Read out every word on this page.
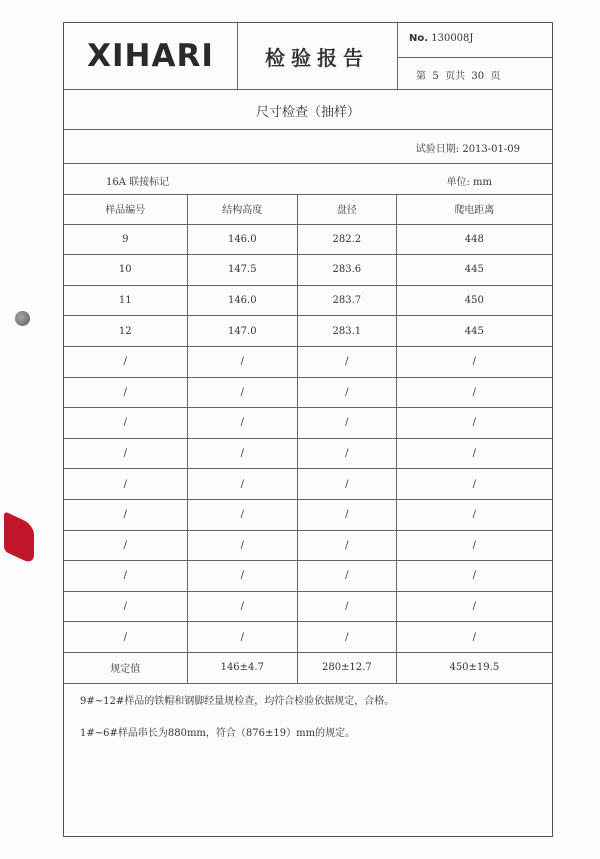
XIHARI	检验报告
No. 130008J
第  5  页共  30  页
尺寸检查（抽样）
试验日期: 2013-01-09
16A 联接标记	单位: mm
样品编号	结构高度	盘径	爬电距离
9	146.0	282.2	448
10	147.5	283.6	445
11	146.0	283.7	450
12	147.0	283.1	445
/	/	/	/
/	/	/	/
/	/	/	/
/	/	/	/
/	/	/	/
/	/	/	/
/	/	/	/
/	/	/	/
/	/	/	/
/	/	/	/
规定值	146±4.7	280±12.7	450±19.5
9#~12#样品的铁帽和钢脚经量规检查，均符合检验依据规定，合格。
1#~6#样品串长为880mm，符合（876±19）mm的规定。
